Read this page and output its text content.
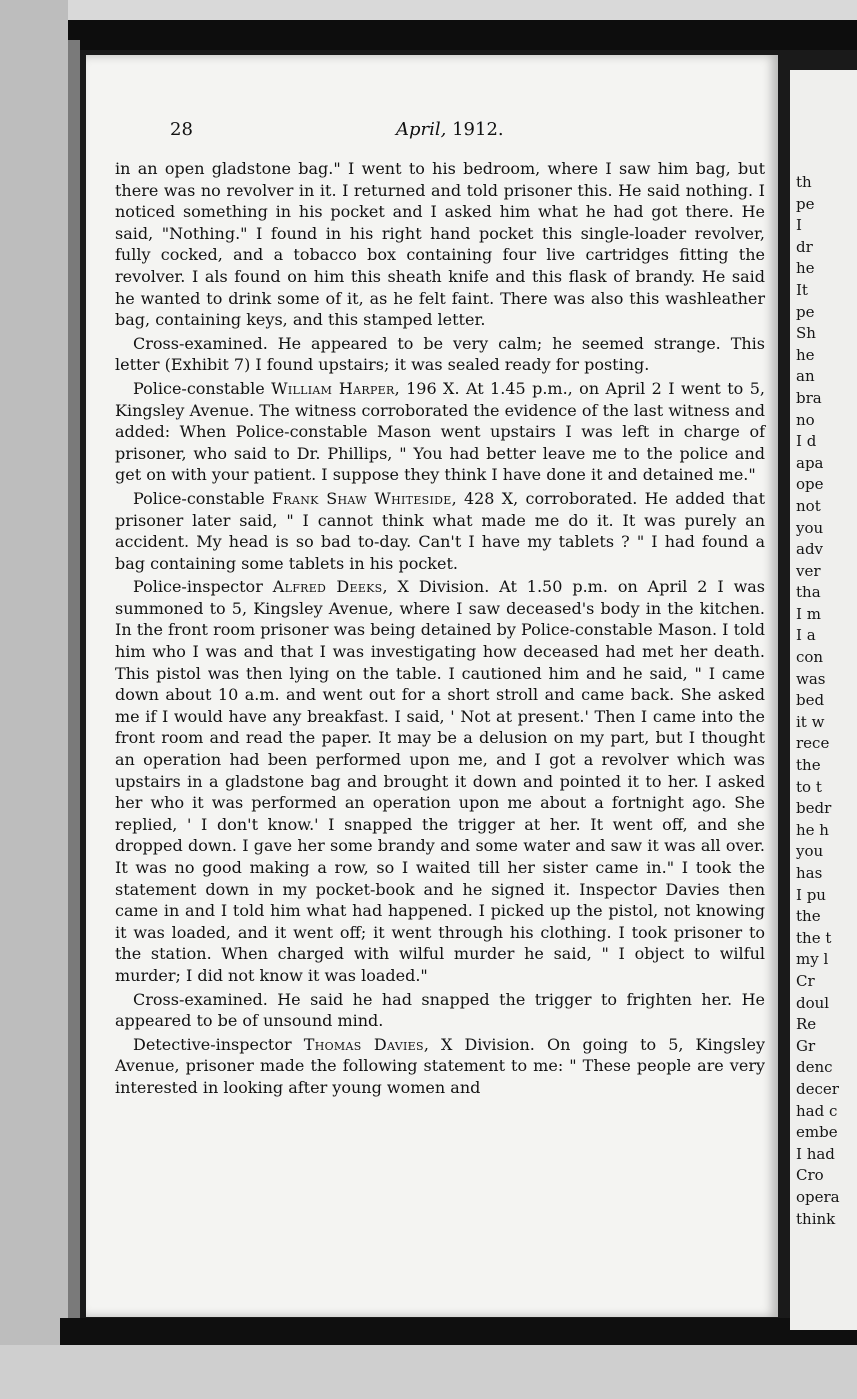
28	April, 1912.

in an open gladstone bag." I went to his bedroom, where I saw him bag, but there was no revolver in it. I returned and told prisoner this. He said nothing. I noticed something in his pocket and I asked him what he had got there. He said, "Nothing." I found in his right hand pocket this single-loader revolver, fully cocked, and a tobacco box containing four live cartridges fitting the revolver. I als found on him this sheath knife and this flask of brandy. He said he wanted to drink some of it, as he felt faint. There was also this washleather bag, containing keys, and this stamped letter.

Cross-examined. He appeared to be very calm; he seemed strange. This letter (Exhibit 7) I found upstairs; it was sealed ready for posting.

Police-constable William Harper, 196 X. At 1.45 p.m., on April 2 I went to 5, Kingsley Avenue. The witness corroborated the evidence of the last witness and added: When Police-constable Mason went upstairs I was left in charge of prisoner, who said to Dr. Phillips, " You had better leave me to the police and get on with your patient. I suppose they think I have done it and detained me."

Police-constable Frank Shaw Whiteside, 428 X, corroborated. He added that prisoner later said, " I cannot think what made me do it. It was purely an accident. My head is so bad to-day. Can't I have my tablets ? " I had found a bag containing some tablets in his pocket.

Police-inspector Alfred Deeks, X Division. At 1.50 p.m. on April 2 I was summoned to 5, Kingsley Avenue, where I saw deceased's body in the kitchen. In the front room prisoner was being detained by Police-constable Mason. I told him who I was and that I was investigating how deceased had met her death. This pistol was then lying on the table. I cautioned him and he said, " I came down about 10 a.m. and went out for a short stroll and came back. She asked me if I would have any breakfast. I said, ' Not at present.' Then I came into the front room and read the paper. It may be a delusion on my part, but I thought an operation had been performed upon me, and I got a revolver which was upstairs in a gladstone bag and brought it down and pointed it to her. I asked her who it was performed an operation upon me about a fortnight ago. She replied, ' I don't know.' I snapped the trigger at her. It went off, and she dropped down. I gave her some brandy and some water and saw it was all over. It was no good making a row, so I waited till her sister came in." I took the statement down in my pocket-book and he signed it. Inspector Davies then came in and I told him what had happened. I picked up the pistol, not knowing it was loaded, and it went off; it went through his clothing. I took prisoner to the station. When charged with wilful murder he said, " I object to wilful murder; I did not know it was loaded."

Cross-examined. He said he had snapped the trigger to frighten her. He appeared to be of unsound mind.

Detective-inspector Thomas Davies, X Division. On going to 5, Kingsley Avenue, prisoner made the following statement to me: " These people are very interested in looking after young women and

th
pe
I
dr
he
It
pe
Sh
he
an
bra
no
I d
apa
ope
not
you
adv
ver
tha
I m
I a
con
was
bed
it w
rece
the
to t
bedr
he h
you
has
I pu
the
the t
my l
Cr
doul
Re
Gr
denc
decer
had c
embe
I had
Cro
opera
think
